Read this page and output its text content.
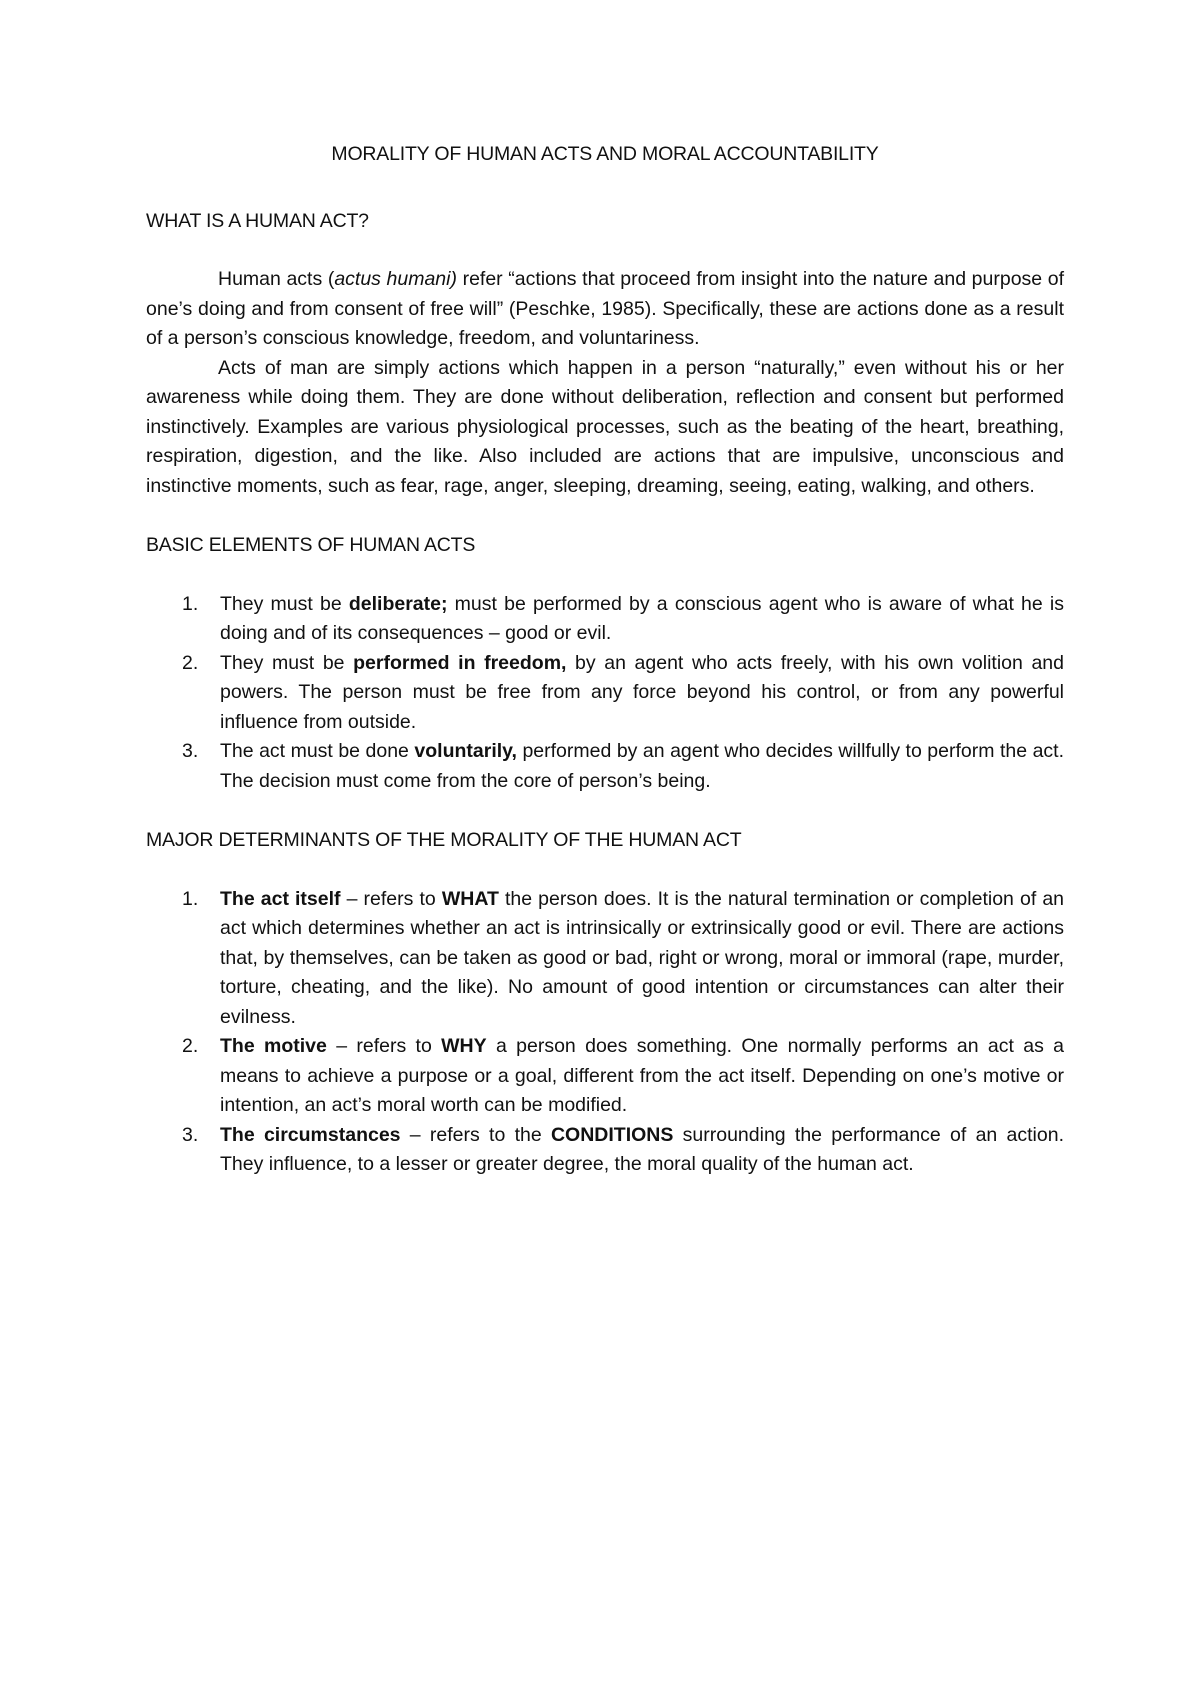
MORALITY OF HUMAN ACTS AND MORAL ACCOUNTABILITY
WHAT IS A HUMAN ACT?

Human acts (actus humani) refer “actions that proceed from insight into the nature and purpose of one’s doing and from consent of free will” (Peschke, 1985). Specifically, these are actions done as a result of a person’s conscious knowledge, freedom, and voluntariness.

Acts of man are simply actions which happen in a person “naturally,” even without his or her awareness while doing them. They are done without deliberation, reflection and consent but performed instinctively. Examples are various physiological processes, such as the beating of the heart, breathing, respiration, digestion, and the like. Also included are actions that are impulsive, unconscious and instinctive moments, such as fear, rage, anger, sleeping, dreaming, seeing, eating, walking, and others.

BASIC ELEMENTS OF HUMAN ACTS
1. They must be deliberate; must be performed by a conscious agent who is aware of what he is doing and of its consequences – good or evil.
2. They must be performed in freedom, by an agent who acts freely, with his own volition and powers. The person must be free from any force beyond his control, or from any powerful influence from outside.
3. The act must be done voluntarily, performed by an agent who decides willfully to perform the act. The decision must come from the core of person’s being.
MAJOR DETERMINANTS OF THE MORALITY OF THE HUMAN ACT
1. The act itself – refers to WHAT the person does. It is the natural termination or completion of an act which determines whether an act is intrinsically or extrinsically good or evil. There are actions that, by themselves, can be taken as good or bad, right or wrong, moral or immoral (rape, murder, torture, cheating, and the like). No amount of good intention or circumstances can alter their evilness.
2. The motive – refers to WHY a person does something. One normally performs an act as a means to achieve a purpose or a goal, different from the act itself. Depending on one’s motive or intention, an act’s moral worth can be modified.
3. The circumstances – refers to the CONDITIONS surrounding the performance of an action. They influence, to a lesser or greater degree, the moral quality of the human act.
